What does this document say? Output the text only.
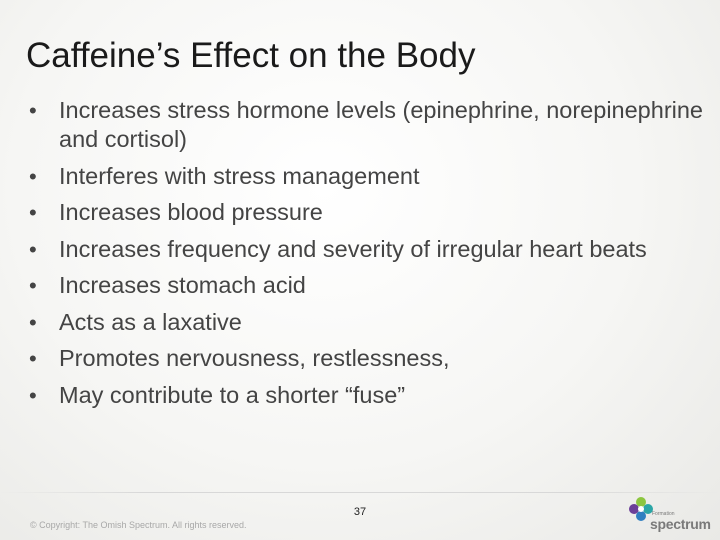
Caffeine’s Effect on the Body
• Increases stress hormone levels (epinephrine, norepinephrine and cortisol)
• Interferes with stress management
• Increases blood pressure
• Increases frequency and severity of irregular heart beats
• Increases stomach acid
• Acts as a laxative
• Promotes nervousness, restlessness,
• May contribute to a shorter “fuse”
37
© Copyright: The Omish Spectrum. All rights reserved.
Formation
spectrum
